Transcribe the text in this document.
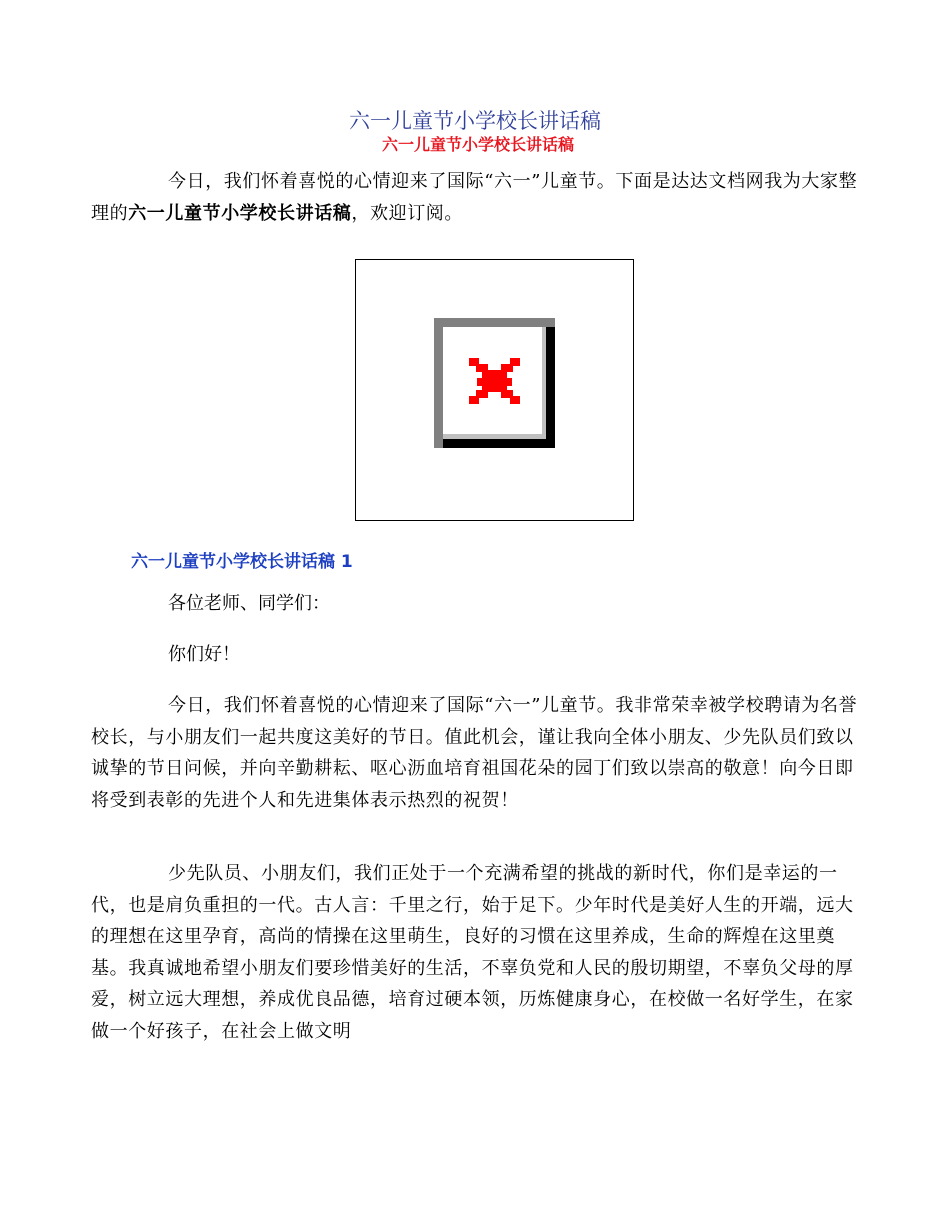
六一儿童节小学校长讲话稿
六一儿童节小学校长讲话稿
今日，我们怀着喜悦的心情迎来了国际“六一”儿童节。下面是达达文档网我为大家整理的六一儿童节小学校长讲话稿，欢迎订阅。
六一儿童节小学校长讲话稿 1
各位老师、同学们：
你们好！
今日，我们怀着喜悦的心情迎来了国际“六一”儿童节。我非常荣幸被学校聘请为名誉校长，与小朋友们一起共度这美好的节日。值此机会，谨让我向全体小朋友、少先队员们致以诚挚的节日问候，并向辛勤耕耘、呕心沥血培育祖国花朵的园丁们致以崇高的敬意！向今日即将受到表彰的先进个人和先进集体表示热烈的祝贺！
少先队员、小朋友们，我们正处于一个充满希望的挑战的新时代，你们是幸运的一代，也是肩负重担的一代。古人言：千里之行，始于足下。少年时代是美好人生的开端，远大的理想在这里孕育，高尚的情操在这里萌生，良好的习惯在这里养成，生命的辉煌在这里奠基。我真诚地希望小朋友们要珍惜美好的生活，不辜负党和人民的殷切期望，不辜负父母的厚爱，树立远大理想，养成优良品德，培育过硬本领，历炼健康身心，在校做一名好学生，在家做一个好孩子，在社会上做文明
